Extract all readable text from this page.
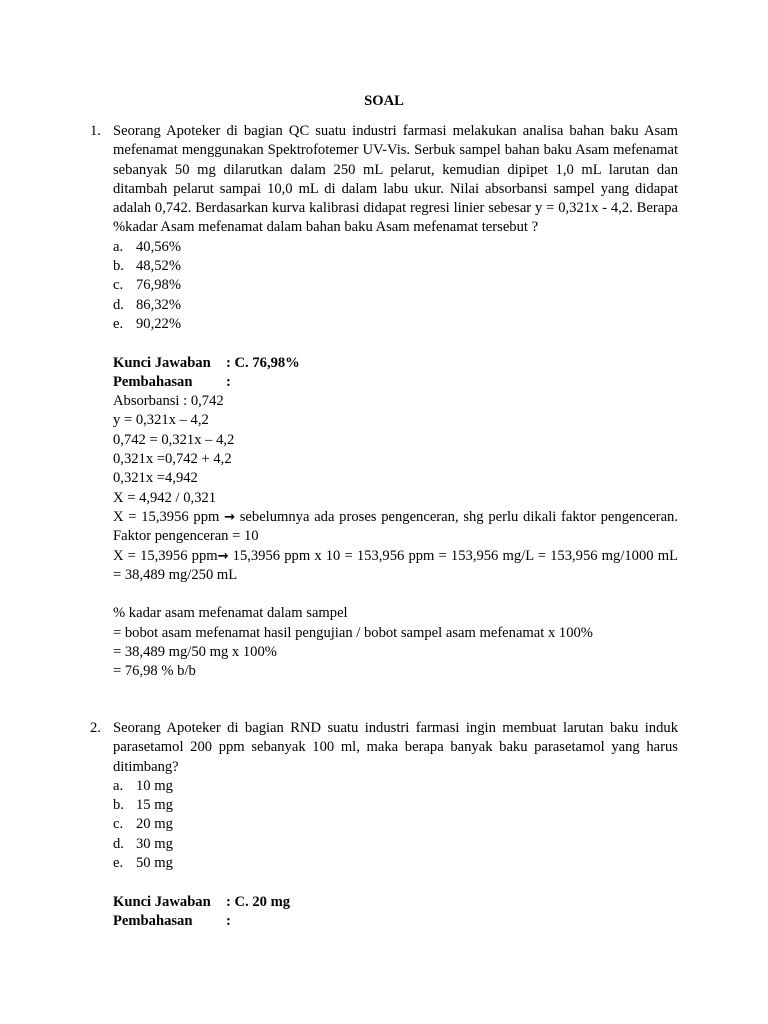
SOAL
1. Seorang Apoteker di bagian QC suatu industri farmasi melakukan analisa bahan baku Asam mefenamat menggunakan Spektrofotemer UV-Vis. Serbuk sampel bahan baku Asam mefenamat sebanyak 50 mg dilarutkan dalam 250 mL pelarut, kemudian dipipet 1,0 mL larutan dan ditambah pelarut sampai 10,0 mL di dalam labu ukur. Nilai absorbansi sampel yang didapat adalah 0,742. Berdasarkan kurva kalibrasi didapat regresi linier sebesar y = 0,321x - 4,2. Berapa %kadar Asam mefenamat dalam bahan baku Asam mefenamat tersebut ?
a. 40,56%
b. 48,52%
c. 76,98%
d. 86,32%
e. 90,22%
Kunci Jawaban	: C. 76,98%
Pembahasan	:
Absorbansi : 0,742
y = 0,321x – 4,2
0,742 = 0,321x – 4,2
0,321x =0,742 + 4,2
0,321x =4,942
X = 4,942 / 0,321
X = 15,3956 ppm → sebelumnya ada proses pengenceran, shg perlu dikali faktor pengenceran. Faktor pengenceran = 10
X = 15,3956 ppm→ 15,3956 ppm x 10 = 153,956 ppm = 153,956 mg/L = 153,956 mg/1000 mL = 38,489 mg/250 mL
% kadar asam mefenamat dalam sampel
= bobot asam mefenamat hasil pengujian / bobot sampel asam mefenamat x 100%
= 38,489 mg/50 mg x 100%
= 76,98 % b/b
2. Seorang Apoteker di bagian RND suatu industri farmasi ingin membuat larutan baku induk parasetamol 200 ppm sebanyak 100 ml, maka berapa banyak baku parasetamol yang harus ditimbang?
a. 10 mg
b. 15 mg
c. 20 mg
d. 30 mg
e. 50 mg
Kunci Jawaban	: C. 20 mg
Pembahasan	:
